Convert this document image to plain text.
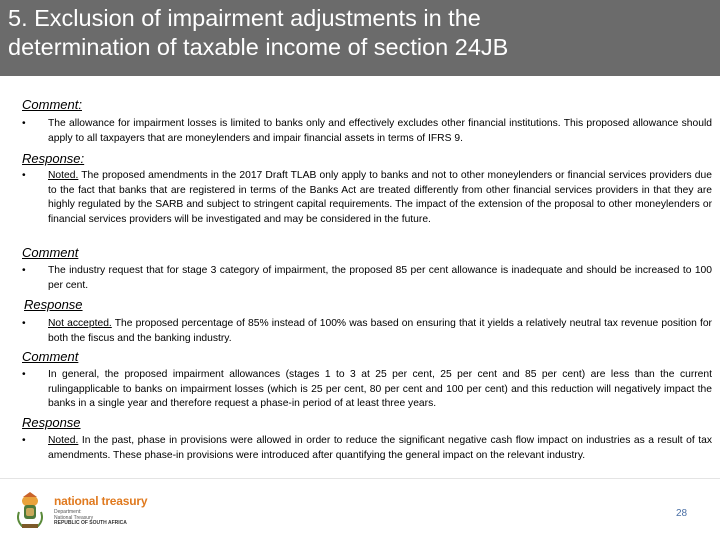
5. Exclusion of impairment adjustments in the
determination of taxable income of section 24JB
Comment:
•	The allowance for impairment losses is limited to banks only and effectively excludes other financial institutions. This proposed allowance should apply to all taxpayers that are moneylenders and impair financial assets in terms of IFRS 9.
Response:
•	Noted. The proposed amendments in the 2017 Draft TLAB only apply to banks and not to other moneylenders or financial services providers due to the fact that banks that are registered in terms of the Banks Act are treated differently from other financial services providers in that they are highly regulated by the SARB and subject to stringent capital requirements. The impact of the extension of the proposal to other moneylenders or financial services providers will be investigated and may be considered in the future.
Comment
•	The industry request that for stage 3 category of impairment, the proposed 85 per cent allowance is inadequate and should be increased to 100 per cent.
Response
•	Not accepted. The proposed percentage of 85% instead of 100% was based on ensuring that it yields a relatively neutral tax revenue position for both the fiscus and the banking industry.
Comment
•	In general, the proposed impairment allowances (stages 1 to 3 at 25 per cent, 25 per cent and 85 per cent) are less than the current rulingapplicable to banks on impairment losses (which is 25 per cent, 80 per cent and 100 per cent) and this reduction will negatively impact the banks in a single year and therefore request a phase-in period of at least three years.
Response
•	Noted. In the past, phase in provisions were allowed in order to reduce the significant negative cash flow impact on industries as a result of tax amendments. These phase-in provisions were introduced after quantifying the general impact on the relevant industry.
national treasury
Department:
National Treasury
REPUBLIC OF SOUTH AFRICA
28
